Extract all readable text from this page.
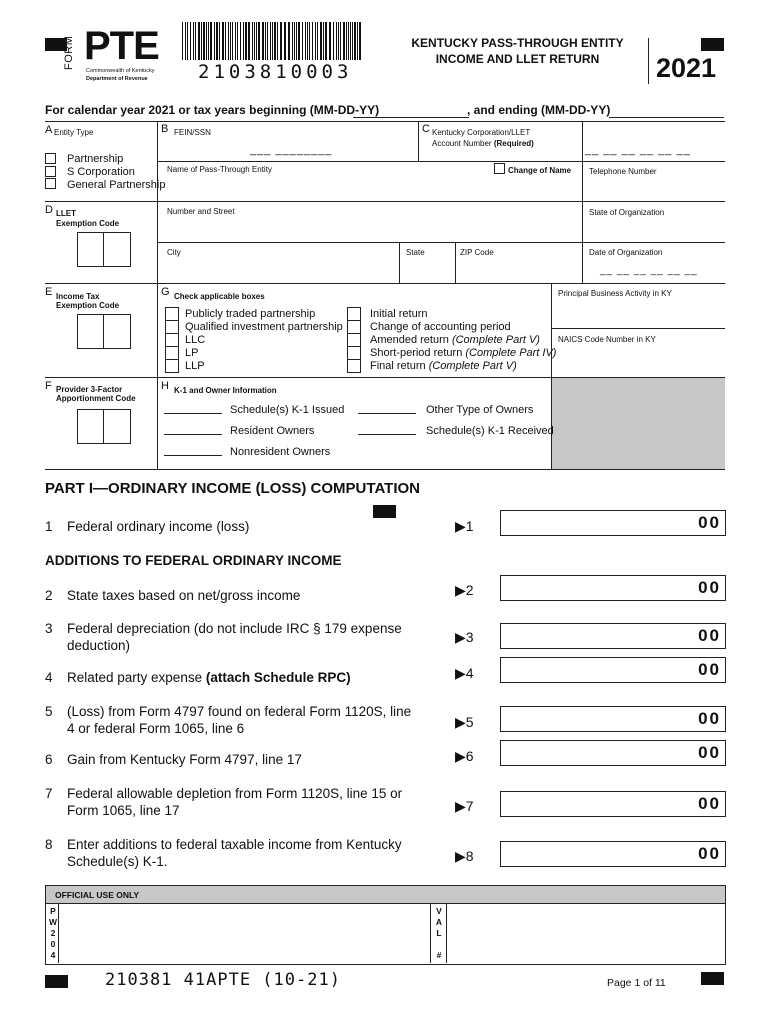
FORM PTE
Commonwealth of Kentucky
Department of Revenue	2103810003
KENTUCKY PASS-THROUGH ENTITY
INCOME AND LLET RETURN	2021
For calendar year 2021 or tax years beginning (MM-DD-YY)	, and ending (MM-DD-YY)
A Entity Type
Partnership
S Corporation
General Partnership
B FEIN/SSN
___ ________
Name of Pass-Through Entity	Change of Name
Number and Street
City	State	ZIP Code
C Kentucky Corporation/LLET
Account Number (Required)
__ __ __ __ __ __
Telephone Number
State of Organization
Date of Organization
__ __ __ __ __ __
D LLET
Exemption Code
E Income Tax
Exemption Code
F Provider 3-Factor
Apportionment Code
G Check applicable boxes
Publicly traded partnership
Qualified investment partnership
LLC
LP
LLP
Initial return
Change of accounting period
Amended return (Complete Part V)
Short-period return (Complete Part IV)
Final return (Complete Part V)
Principal Business Activity in KY
NAICS Code Number in KY
H K-1 and Owner Information
Schedule(s) K-1 Issued	Other Type of Owners
Resident Owners	Schedule(s) K-1 Received
Nonresident Owners
PART I—ORDINARY INCOME (LOSS) COMPUTATION
1 Federal ordinary income (loss)	▶1	00
ADDITIONS TO FEDERAL ORDINARY INCOME
2 State taxes based on net/gross income	▶2	00
3 Federal depreciation (do not include IRC § 179 expense deduction)
▶3	00
4 Related party expense (attach Schedule RPC)	▶4	00
5 (Loss) from Form 4797 found on federal Form 1120S, line 4 or federal Form 1065, line 6	▶5	00
6 Gain from Kentucky Form 4797, line 17	▶6	00
7 Federal allowable depletion from Form 1120S, line 15 or Form 1065, line 17	▶7	00
8 Enter additions to federal taxable income from Kentucky Schedule(s) K-1.	▶8	00
OFFICIAL USE ONLY
P
W
2
0
4
V
A
L
#
210381 41APTE (10-21)	Page 1 of 11
